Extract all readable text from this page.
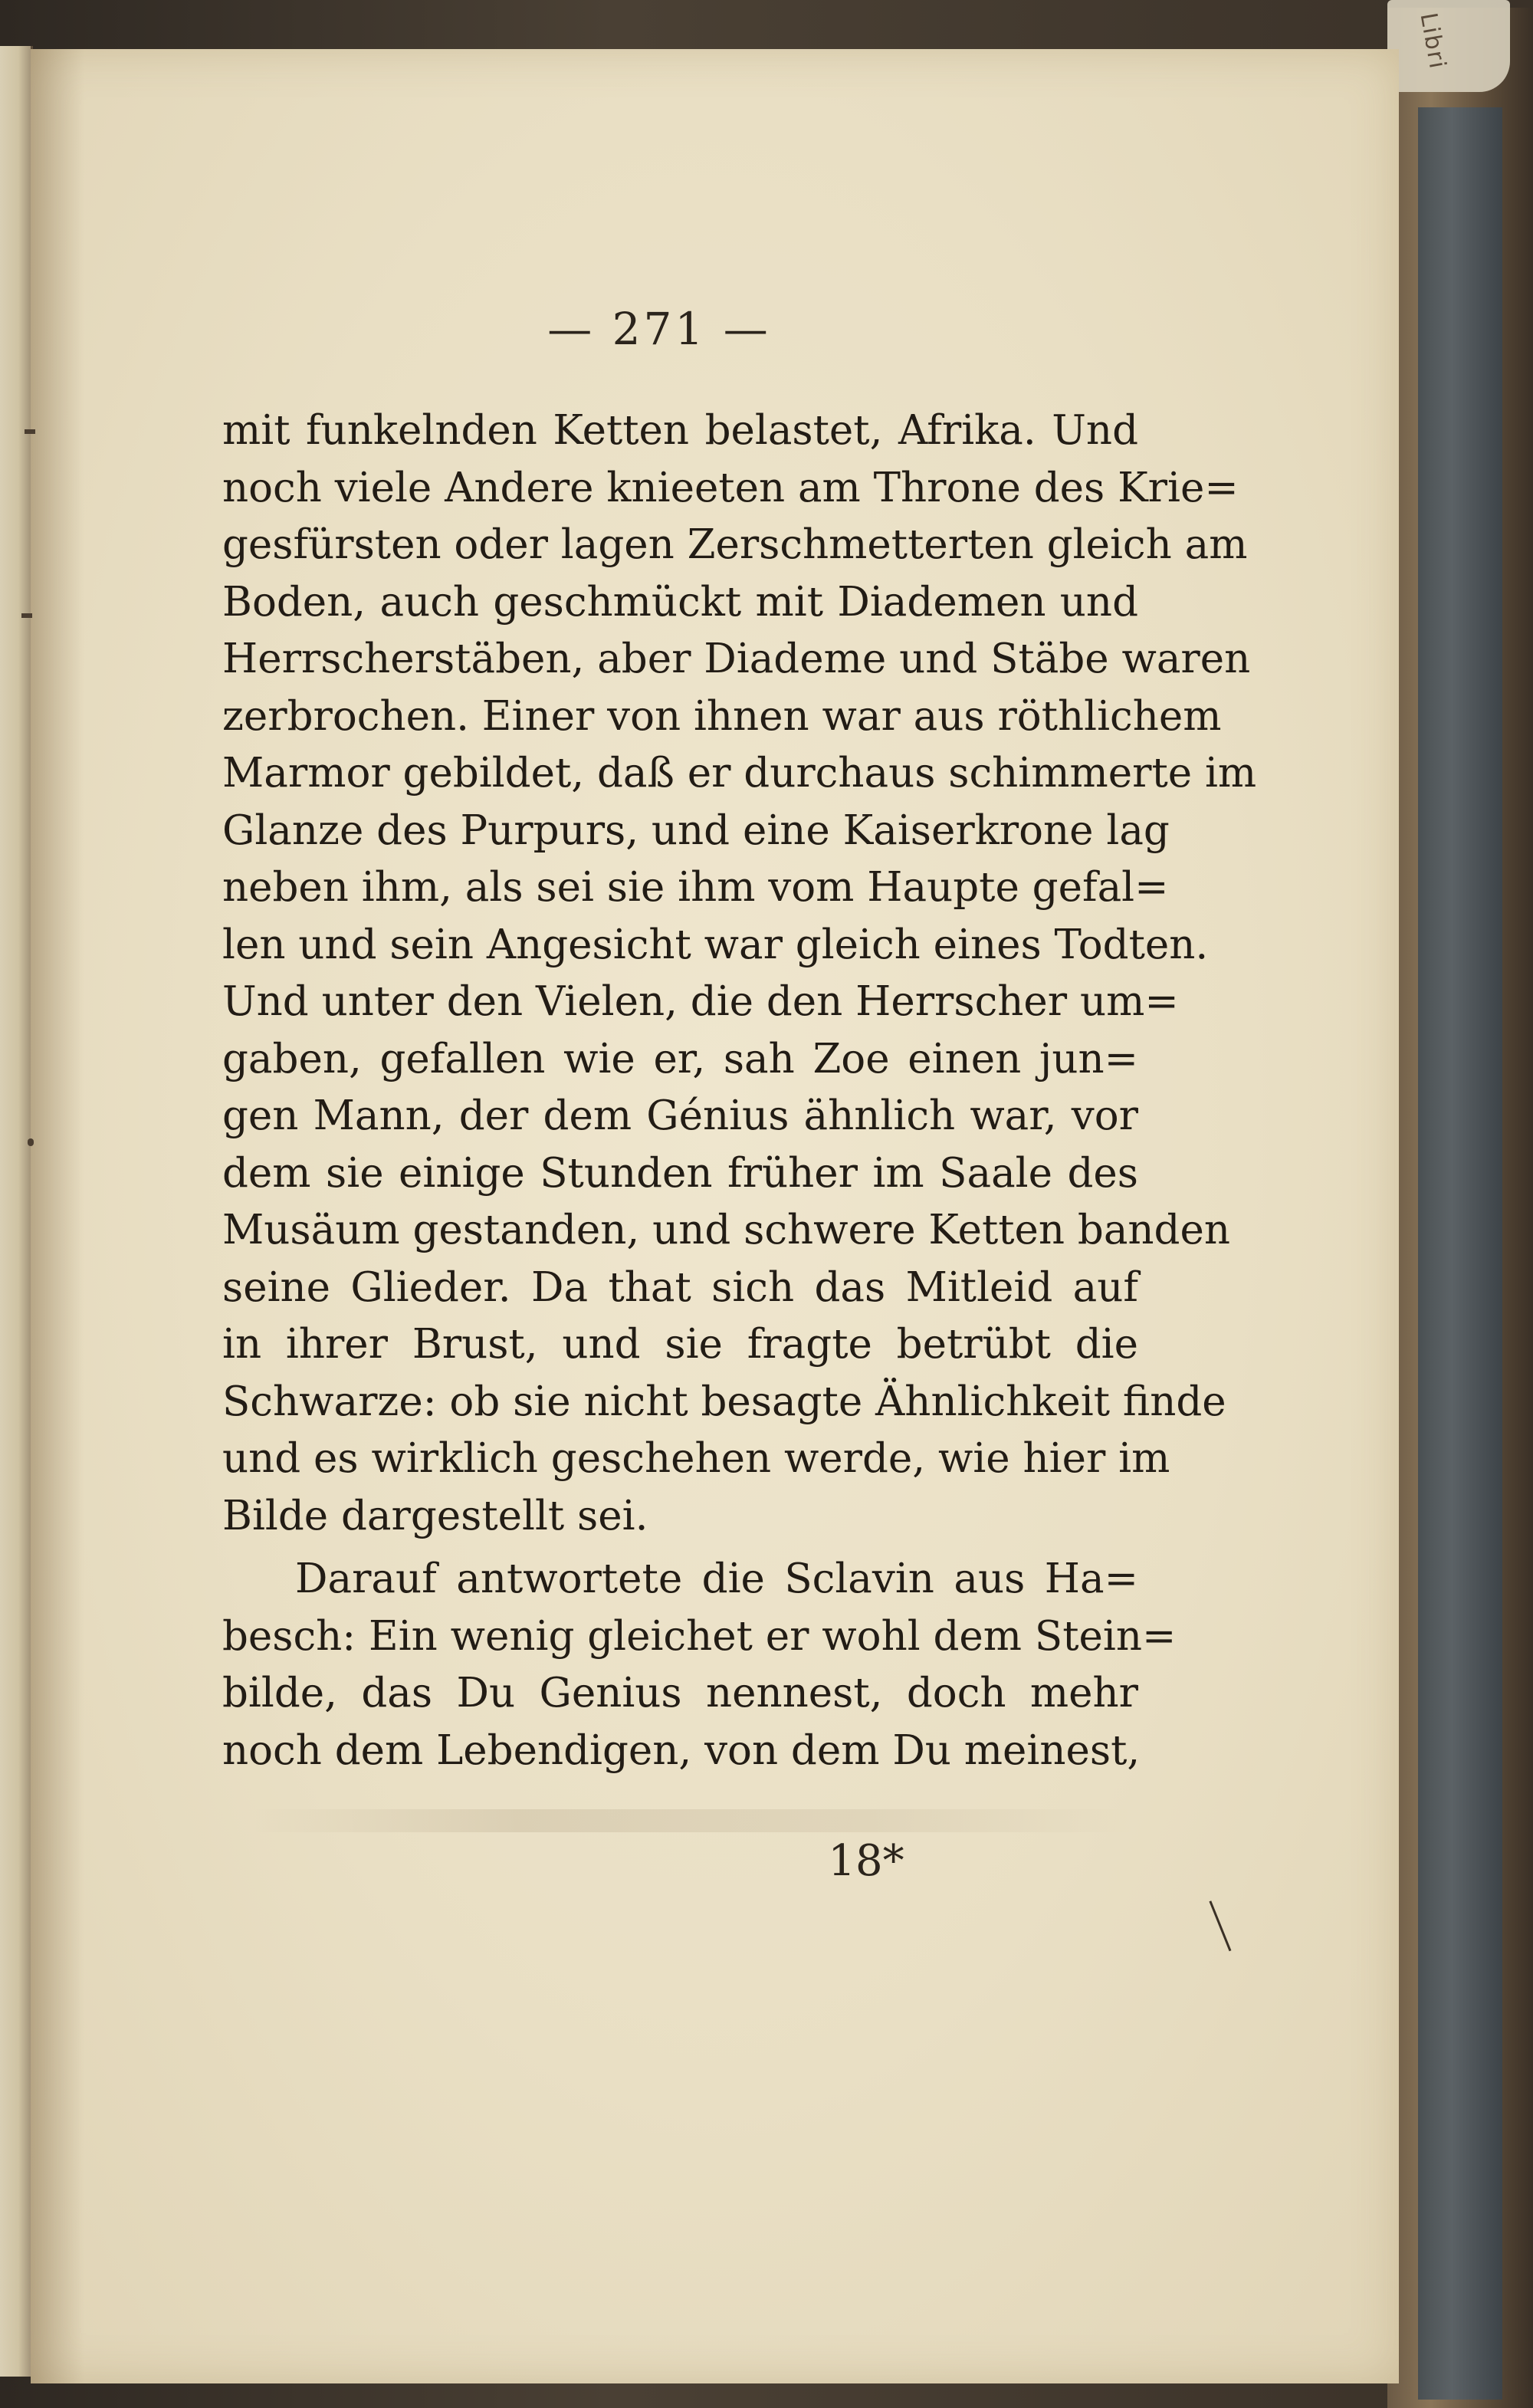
Libri
— 271 —
mit funkelnden Ketten belastet, Afrika. Und
noch viele Andere knieeten am Throne des Krie=
gesfürsten oder lagen Zerschmetterten gleich am
Boden, auch geschmückt mit Diademen und
Herrscherstäben, aber Diademe und Stäbe waren
zerbrochen. Einer von ihnen war aus röthlichem
Marmor gebildet, daß er durchaus schimmerte im
Glanze des Purpurs, und eine Kaiserkrone lag
neben ihm, als sei sie ihm vom Haupte gefal=
len und sein Angesicht war gleich eines Todten.
Und unter den Vielen, die den Herrscher um=
gaben, gefallen wie er, sah Zoe einen jun=
gen Mann, der dem Génius ähnlich war, vor
dem sie einige Stunden früher im Saale des
Musäum gestanden, und schwere Ketten banden
seine Glieder. Da that sich das Mitleid auf
in ihrer Brust, und sie fragte betrübt die
Schwarze: ob sie nicht besagte Ähnlichkeit finde
und es wirklich geschehen werde, wie hier im
Bilde dargestellt sei.
Darauf antwortete die Sclavin aus Ha=
besch: Ein wenig gleichet er wohl dem Stein=
bilde, das Du Genius nennest, doch mehr
noch dem Lebendigen, von dem Du meinest,
18*
